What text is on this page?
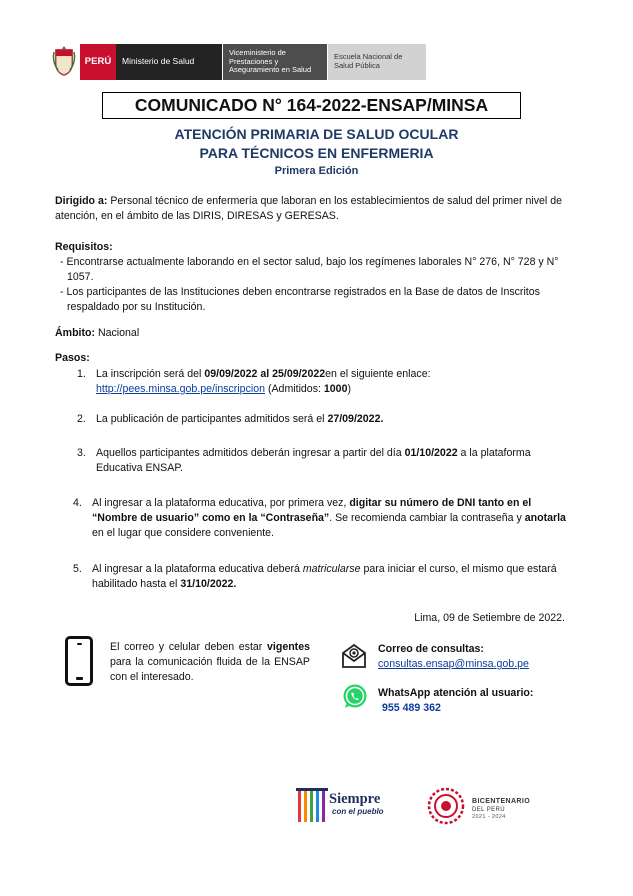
PERÚ	Ministerio de Salud
Viceministerio de Prestaciones y Aseguramiento en Salud
Escuela Nacional de Salud Pública
COMUNICADO N° 164-2022-ENSAP/MINSA
ATENCIÓN PRIMARIA DE SALUD OCULAR
PARA TÉCNICOS EN ENFERMERIA
Primera Edición
Dirigido a: Personal técnico de enfermería que laboran en los establecimientos de salud del primer nivel de atención, en el ámbito de las DIRIS, DIRESAS y GERESAS.
Requisitos:
- Encontrarse actualmente laborando en el sector salud, bajo los regímenes laborales N° 276, N° 728 y N° 1057.
- Los participantes de las Instituciones deben encontrarse registrados en la Base de datos de Inscritos respaldado por su Institución.
Ámbito: Nacional
Pasos:
1. La inscripción será del 09/09/2022 al 25/09/2022en el siguiente enlace:
http://pees.minsa.gob.pe/inscripcion (Admitidos: 1000)
2. La publicación de participantes admitidos será el 27/09/2022.
3. Aquellos participantes admitidos deberán ingresar a partir del día 01/10/2022 a la plataforma Educativa ENSAP.
4. Al ingresar a la plataforma educativa, por primera vez, digitar su número de DNI tanto en el “Nombre de usuario” como en la “Contraseña”. Se recomienda cambiar la contraseña y anotarla en el lugar que considere conveniente.
5. Al ingresar a la plataforma educativa deberá matricularse para iniciar el curso, el mismo que estará habilitado hasta el 31/10/2022.
Lima, 09 de Setiembre de 2022.
El correo y celular deben estar vigentes para la comunicación fluida de la ENSAP con el interesado.
Correo de consultas:
consultas.ensap@minsa.gob.pe
WhatsApp atención al usuario:
955 489 362
Siempre
con el pueblo
BICENTENARIO
DEL PERÚ
2021 - 2024
